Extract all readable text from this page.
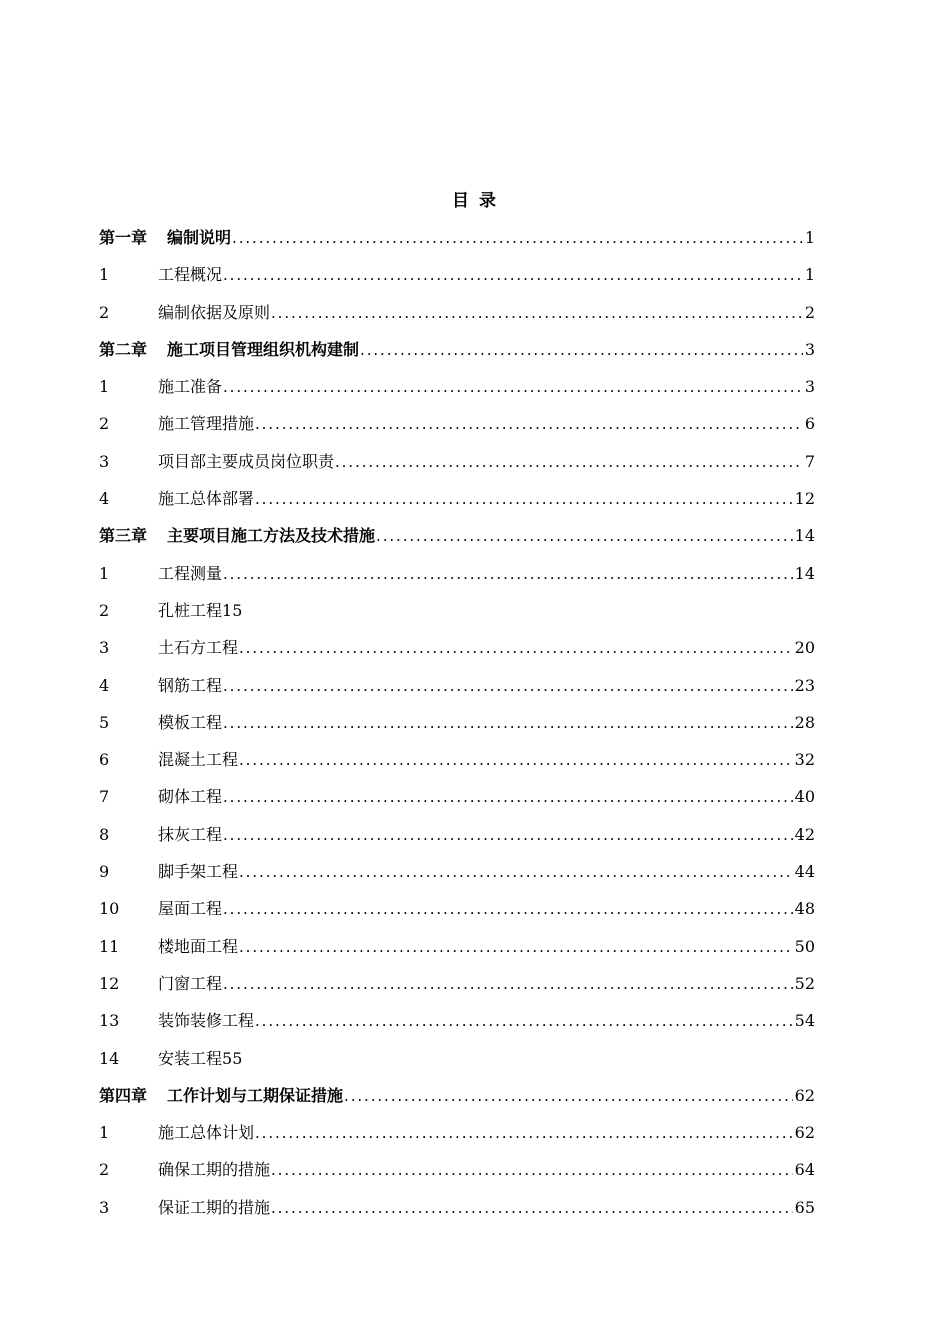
目 录
第一章 编制说明 .....	1
1	工程概况 .....	1
2	编制依据及原则 .....	2
第二章 施工项目管理组织机构建制 .....	3
1	施工准备 .....	3
2	施工管理措施 .....	6
3	项目部主要成员岗位职责 .....	7
4	施工总体部署 .....	12
第三章 主要项目施工方法及技术措施 .....	14
1	工程测量 .....	14
2	孔桩工程 15
3	土石方工程 .....	20
4	钢筋工程 .....	23
5	模板工程 .....	28
6	混凝土工程 .....	32
7	砌体工程 .....	40
8	抹灰工程 .....	42
9	脚手架工程 .....	44
10	屋面工程 .....	48
11	楼地面工程 .....	50
12	门窗工程 .....	52
13	装饰装修工程 .....	54
14	安装工程 55
第四章 工作计划与工期保证措施 .....	62
1	施工总体计划 .....	62
2	确保工期的措施 .....	64
3	保证工期的措施 .....	65
